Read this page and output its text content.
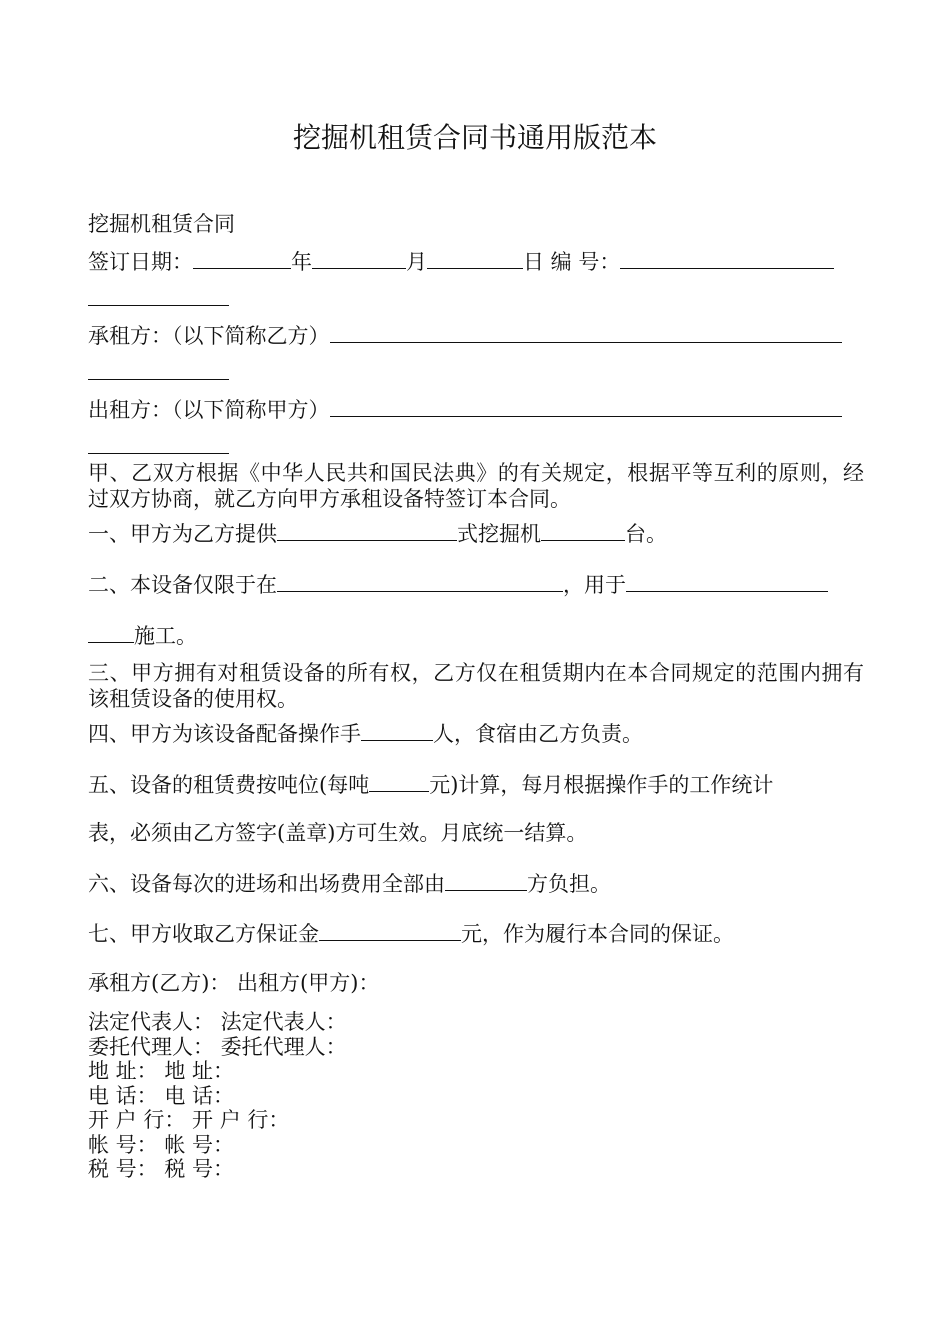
挖掘机租赁合同书通用版范本
挖掘机租赁合同
签订日期：	年	月	日 编 号：
承租方：（以下简称乙方）
出租方：（以下简称甲方）
甲、乙双方根据《中华人民共和国民法典》的有关规定，根据平等互利的原则，经过双方协商，就乙方向甲方承租设备特签订本合同。
一、甲方为乙方提供	式挖掘机	台。
二、本设备仅限于在	，用于
施工。
三、甲方拥有对租赁设备的所有权，乙方仅在租赁期内在本合同规定的范围内拥有该租赁设备的使用权。
四、甲方为该设备配备操作手	人，食宿由乙方负责。
五、设备的租赁费按吨位(每吨	元)计算，每月根据操作手的工作统计
表，必须由乙方签字(盖章)方可生效。月底统一结算。
六、设备每次的进场和出场费用全部由	方负担。
七、甲方收取乙方保证金	元，作为履行本合同的保证。
承租方(乙方)： 出租方(甲方)：
法定代表人： 法定代表人：
委托代理人： 委托代理人：
地 址： 地 址：
电 话： 电 话：
开 户 行： 开 户 行：
帐 号： 帐 号：
税 号： 税 号：
